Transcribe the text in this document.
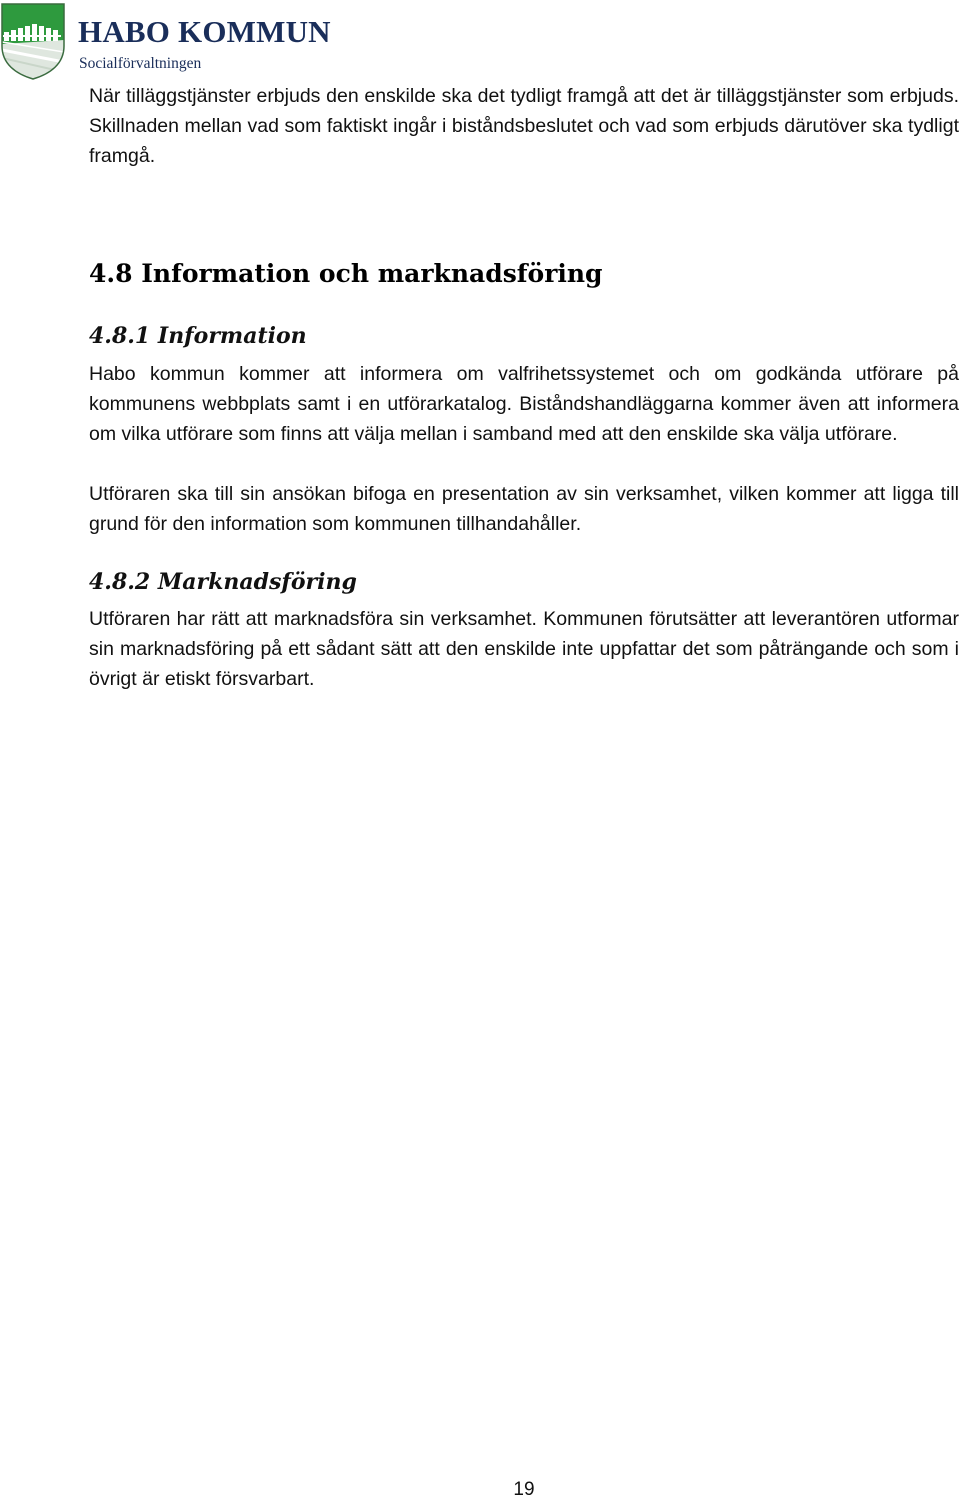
HABO KOMMUN
Socialförvaltningen

När tilläggstjänster erbjuds den enskilde ska det tydligt framgå att det är tilläggstjänster som erbjuds. Skillnaden mellan vad som faktiskt ingår i biståndsbeslutet och vad som erbjuds därutöver ska tydligt framgå.

4.8 Information och marknadsföring
4.8.1 Information

Habo kommun kommer att informera om valfrihetssystemet och om godkända utförare på kommunens webbplats samt i en utförarkatalog. Biståndshandläggarna kommer även att informera om vilka utförare som finns att välja mellan i samband med att den enskilde ska välja utförare.

Utföraren ska till sin ansökan bifoga en presentation av sin verksamhet, vilken kommer att ligga till grund för den information som kommunen tillhandahåller.

4.8.2 Marknadsföring

Utföraren har rätt att marknadsföra sin verksamhet. Kommunen förutsätter att leverantören utformar sin marknadsföring på ett sådant sätt att den enskilde inte uppfattar det som påträngande och som i övrigt är etiskt försvarbart.

19
